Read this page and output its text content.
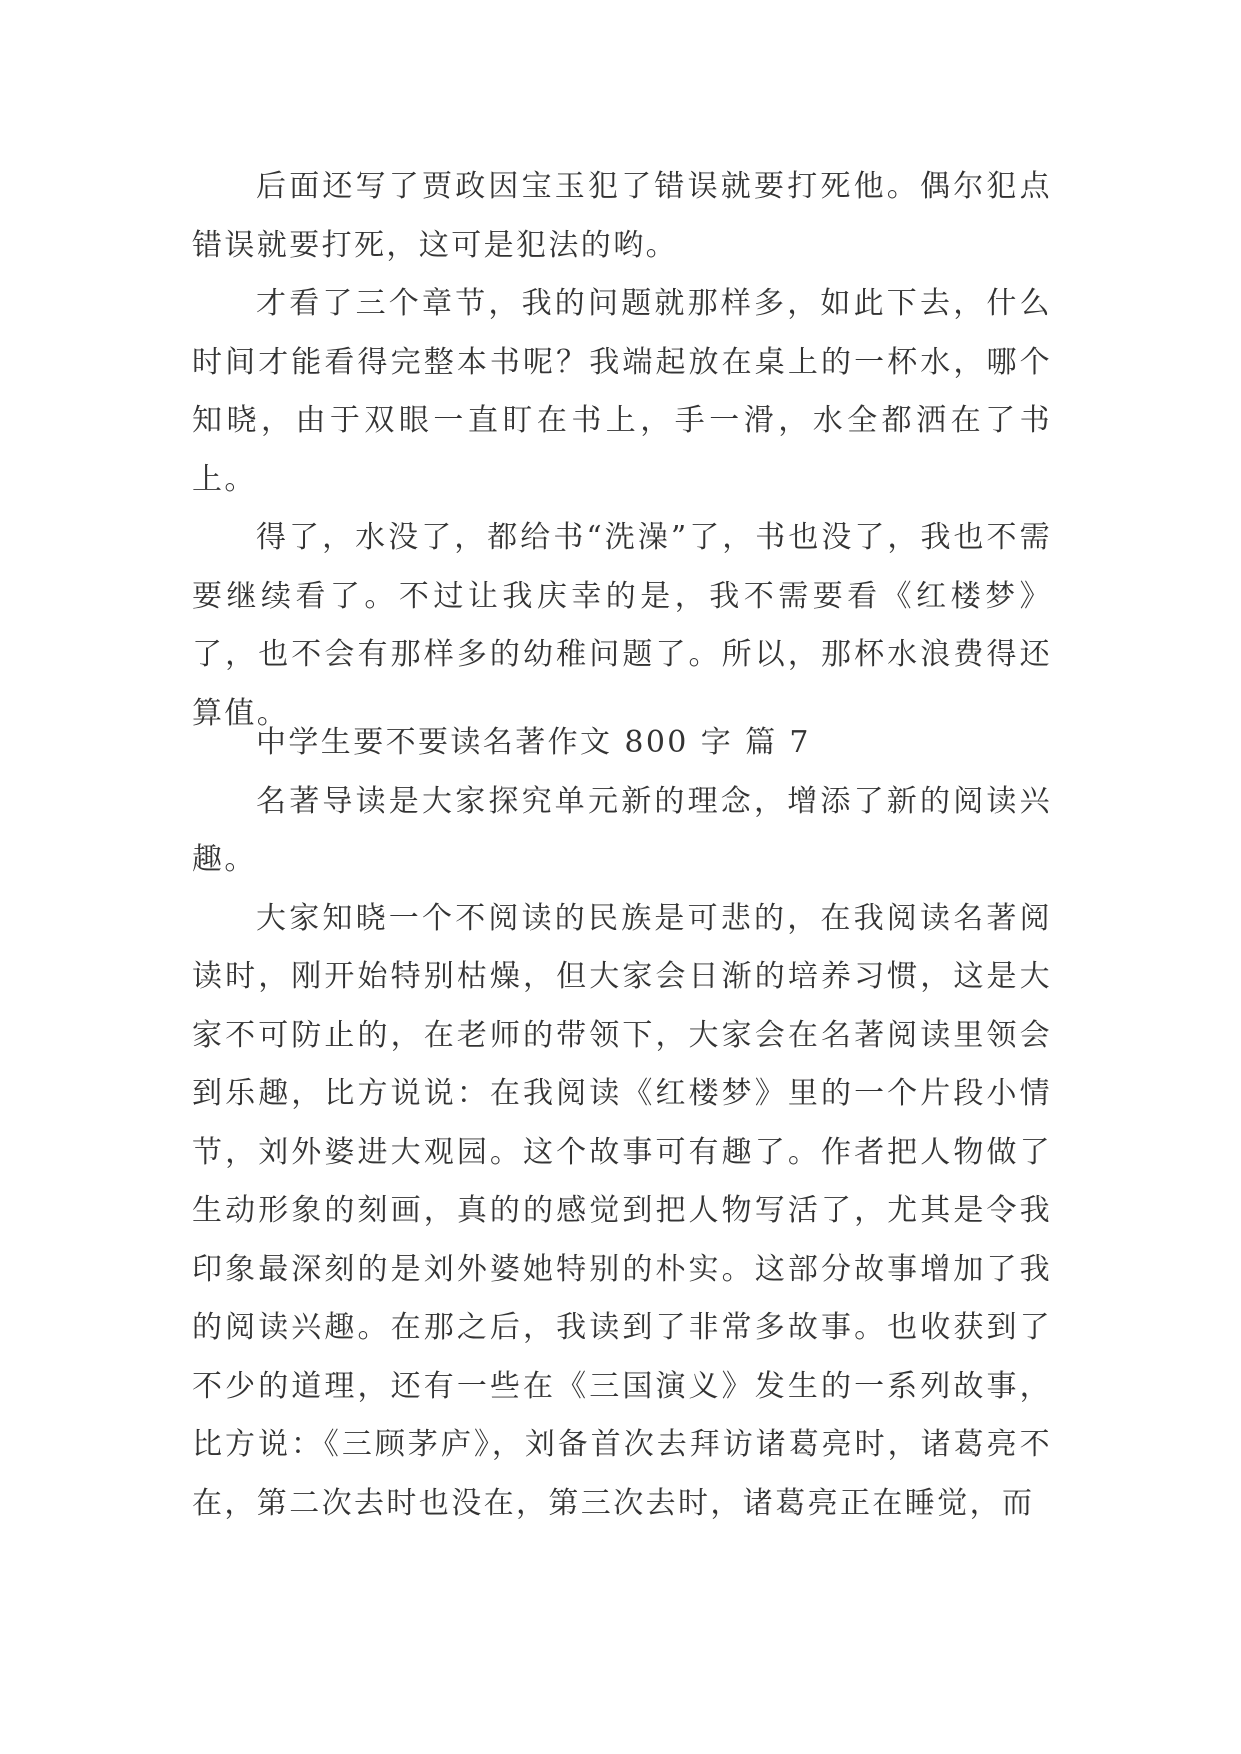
后面还写了贾政因宝玉犯了错误就要打死他。偶尔犯点错误就要打死，这可是犯法的哟。

才看了三个章节，我的问题就那样多，如此下去，什么时间才能看得完整本书呢？我端起放在桌上的一杯水，哪个知晓，由于双眼一直盯在书上，手一滑，水全都洒在了书上。

得了，水没了，都给书“洗澡”了，书也没了，我也不需要继续看了。不过让我庆幸的是，我不需要看《红楼梦》了，也不会有那样多的幼稚问题了。所以，那杯水浪费得还算值。

中学生要不要读名著作文 800 字 篇 7

名著导读是大家探究单元新的理念，增添了新的阅读兴趣。

大家知晓一个不阅读的民族是可悲的，在我阅读名著阅读时，刚开始特别枯燥，但大家会日渐的培养习惯，这是大家不可防止的，在老师的带领下，大家会在名著阅读里领会到乐趣，比方说说：在我阅读《红楼梦》里的一个片段小情节，刘外婆进大观园。这个故事可有趣了。作者把人物做了生动形象的刻画，真的的感觉到把人物写活了，尤其是令我印象最深刻的是刘外婆她特别的朴实。这部分故事增加了我的阅读兴趣。在那之后，我读到了非常多故事。也收获到了不少的道理，还有一些在《三国演义》发生的一系列故事，比方说：《三顾茅庐》，刘备首次去拜访诸葛亮时，诸葛亮不在，第二次去时也没在，第三次去时，诸葛亮正在睡觉，而
